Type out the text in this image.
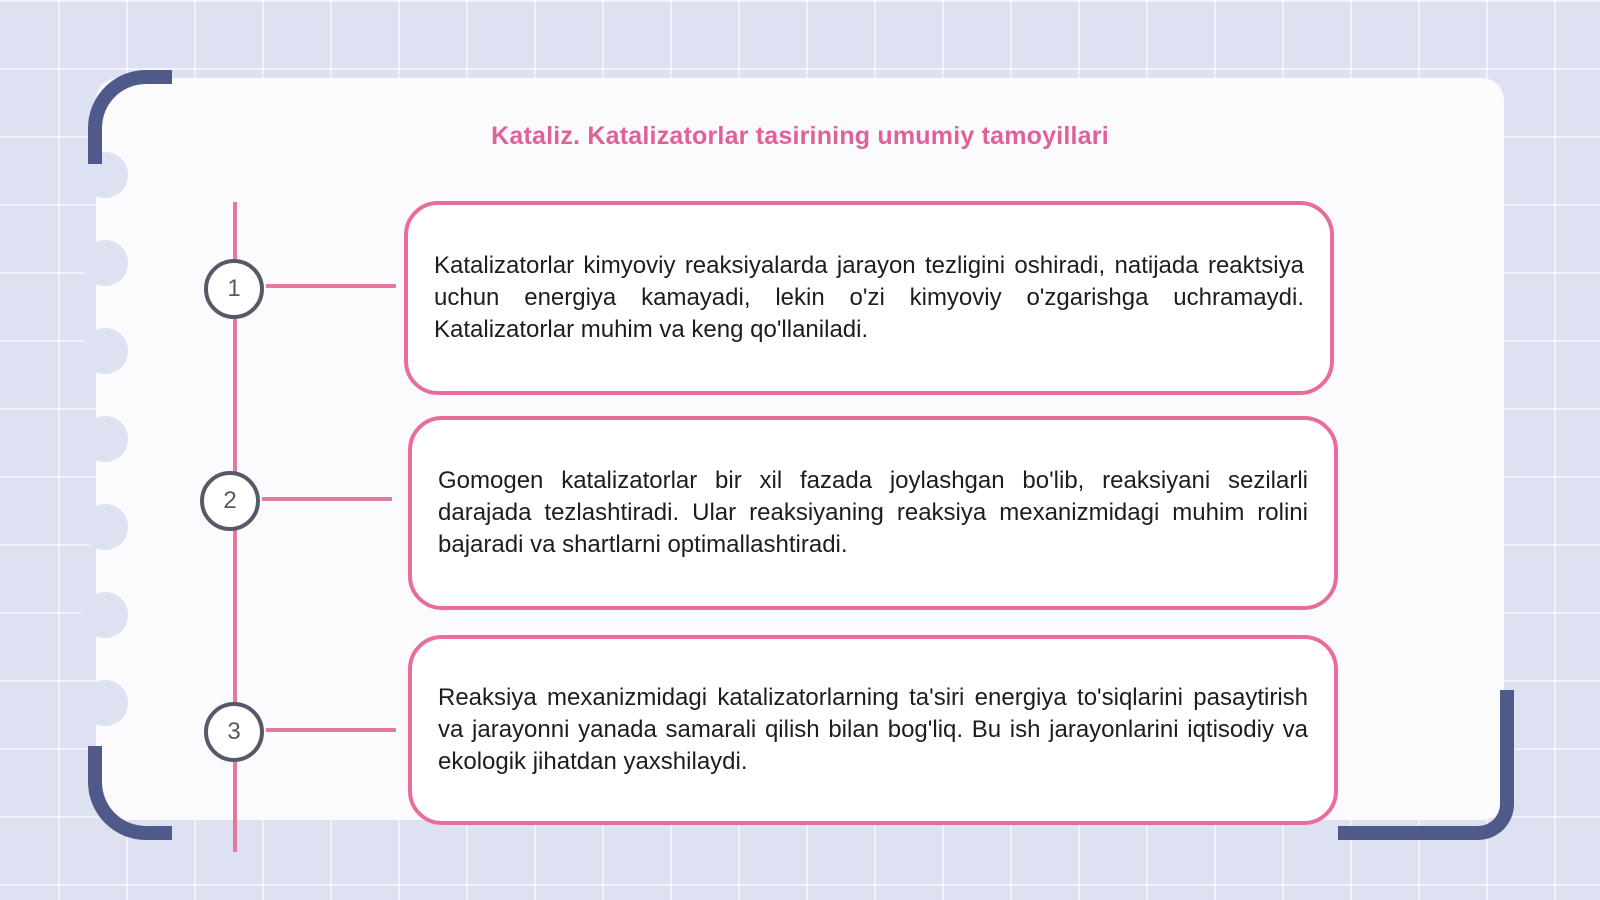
Kataliz. Katalizatorlar tasirining umumiy tamoyillari
1

Katalizatorlar kimyoviy reaksiyalarda jarayon tezligini oshiradi, natijada reaktsiya uchun energiya kamayadi, lekin o'zi kimyoviy o'zgarishga uchramaydi. Katalizatorlar muhim va keng qo'llaniladi.

2

Gomogen katalizatorlar bir xil fazada joylashgan bo'lib, reaksiyani sezilarli darajada tezlashtiradi. Ular reaksiyaning reaksiya mexanizmidagi muhim rolini bajaradi va shartlarni optimallashtiradi.

3

Reaksiya mexanizmidagi katalizatorlarning ta'siri energiya to'siqlarini pasaytirish va jarayonni yanada samarali qilish bilan bog'liq. Bu ish jarayonlarini iqtisodiy va ekologik jihatdan yaxshilaydi.
